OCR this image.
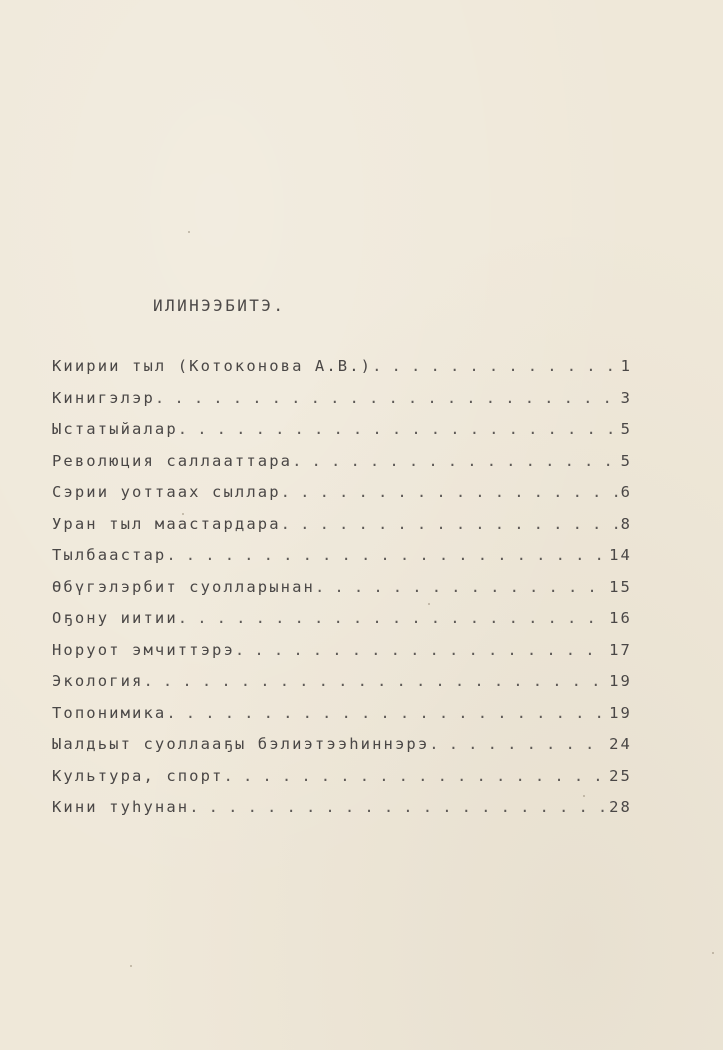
ИЛИНЭЭБИТЭ.
Киирии тыл (Котоконова А.В.) . . .	1
Кинигэлэр . . .	3
Ыстатыйалар . . .	5
Революция саллааттара . . .	5
Сэрии уоттаах сыллар . . .	6
Уран тыл маастардара . . .	8
Тылбаастар . . .	14
Өбүгэлэрбит суолларынан . . .	15
Оҕону иитии . . .	16
Норуот эмчиттэрэ . . .	17
Экология . . .	19
Топонимика . . .	19
Ыалдьыт суоллааҕы бэлиэтээһиннэрэ . . .	24
Культура, спорт . . .	25
Кини туһунан . . .	28
